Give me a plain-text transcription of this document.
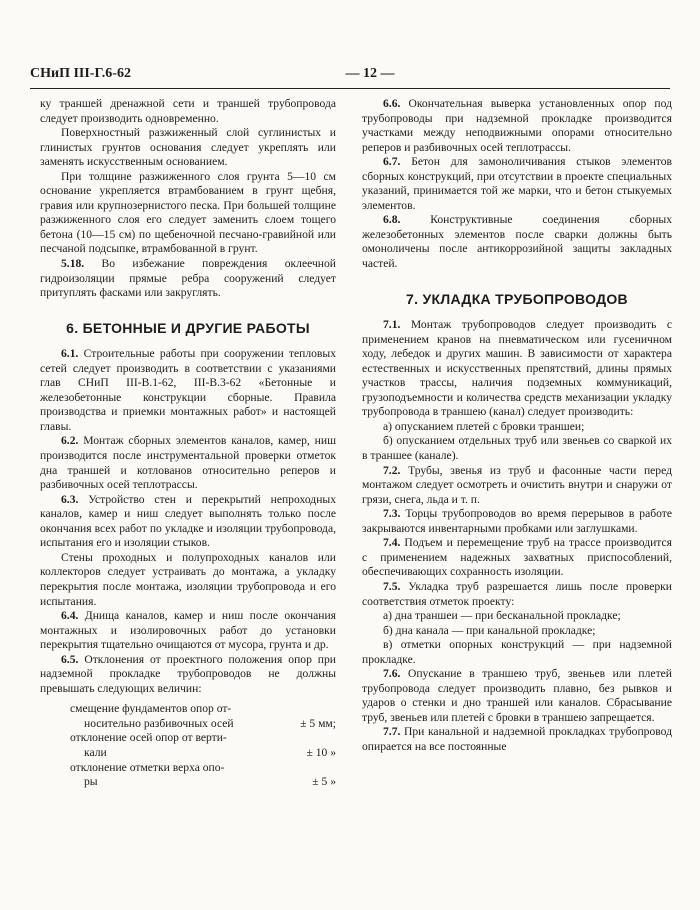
СНиП III-Г.6-62	— 12 —

ку траншей дренажной сети и траншей трубопровода следует производить одновременно.

Поверхностный разжиженный слой суглинистых и глинистых грунтов основания следует укреплять или заменять искусственным основанием.

При толщине разжиженного слоя грунта 5—10 см основание укрепляется втрамбованием в грунт щебня, гравия или крупнозернистого песка. При большей толщине разжиженного слоя его следует заменить слоем тощего бетона (10—15 см) по щебеночной песчано-гравийной или песчаной подсыпке, втрамбованной в грунт.

5.18. Во избежание повреждения оклеечной гидроизоляции прямые ребра сооружений следует притуплять фасками или закруглять.

6. БЕТОННЫЕ И ДРУГИЕ РАБОТЫ

6.1. Строительные работы при сооружении тепловых сетей следует производить в соответствии с указаниями глав СНиП III-В.1-62, III-В.3-62 «Бетонные и железобетонные конструкции сборные. Правила производства и приемки монтажных работ» и настоящей главы.

6.2. Монтаж сборных элементов каналов, камер, ниш производится после инструментальной проверки отметок дна траншей и котлованов относительно реперов и разбивочных осей теплотрассы.

6.3. Устройство стен и перекрытий непроходных каналов, камер и ниш следует выполнять только после окончания всех работ по укладке и изоляции трубопровода, испытания его и изоляции стыков.

Стены проходных и полупроходных каналов или коллекторов следует устраивать до монтажа, а укладку перекрытия после монтажа, изоляции трубопровода и его испытания.

6.4. Днища каналов, камер и ниш после окончания монтажных и изолировочных работ до установки перекрытия тщательно очищаются от мусора, грунта и др.

6.5. Отклонения от проектного положения опор при надземной прокладке трубопроводов не должны превышать следующих величин:

смещение фундаментов опор от-
носительно разбивочных осей	± 5 мм;
отклонение осей опор от верти-
кали	± 10 »
отклонение отметки верха опо-
ры	± 5 »

6.6. Окончательная выверка установленных опор под трубопроводы при надземной прокладке производится участками между неподвижными опорами относительно реперов и разбивочных осей теплотрассы.

6.7. Бетон для замоноличивания стыков элементов сборных конструкций, при отсутствии в проекте специальных указаний, принимается той же марки, что и бетон стыкуемых элементов.

6.8. Конструктивные соединения сборных железобетонных элементов после сварки должны быть омоноличены после антикоррозийной защиты закладных частей.

7. УКЛАДКА ТРУБОПРОВОДОВ

7.1. Монтаж трубопроводов следует производить с применением кранов на пневматическом или гусеничном ходу, лебедок и других машин. В зависимости от характера естественных и искусственных препятствий, длины прямых участков трассы, наличия подземных коммуникаций, грузоподъемности и количества средств механизации укладку трубопровода в траншею (канал) следует производить:

а) опусканием плетей с бровки траншеи;

б) опусканием отдельных труб или звеньев со сваркой их в траншее (канале).

7.2. Трубы, звенья из труб и фасонные части перед монтажом следует осмотреть и очистить внутри и снаружи от грязи, снега, льда и т. п.

7.3. Торцы трубопроводов во время перерывов в работе закрываются инвентарными пробками или заглушками.

7.4. Подъем и перемещение труб на трассе производится с применением надежных захватных приспособлений, обеспечивающих сохранность изоляции.

7.5. Укладка труб разрешается лишь после проверки соответствия отметок проекту:

а) дна траншеи — при бесканальной прокладке;

б) дна канала — при канальной прокладке;

в) отметки опорных конструкций — при надземной прокладке.

7.6. Опускание в траншею труб, звеньев или плетей трубопровода следует производить плавно, без рывков и ударов о стенки и дно траншей или каналов. Сбрасывание труб, звеньев или плетей с бровки в траншею запрещается.

7.7. При канальной и надземной прокладках трубопровод опирается на все постоянные
